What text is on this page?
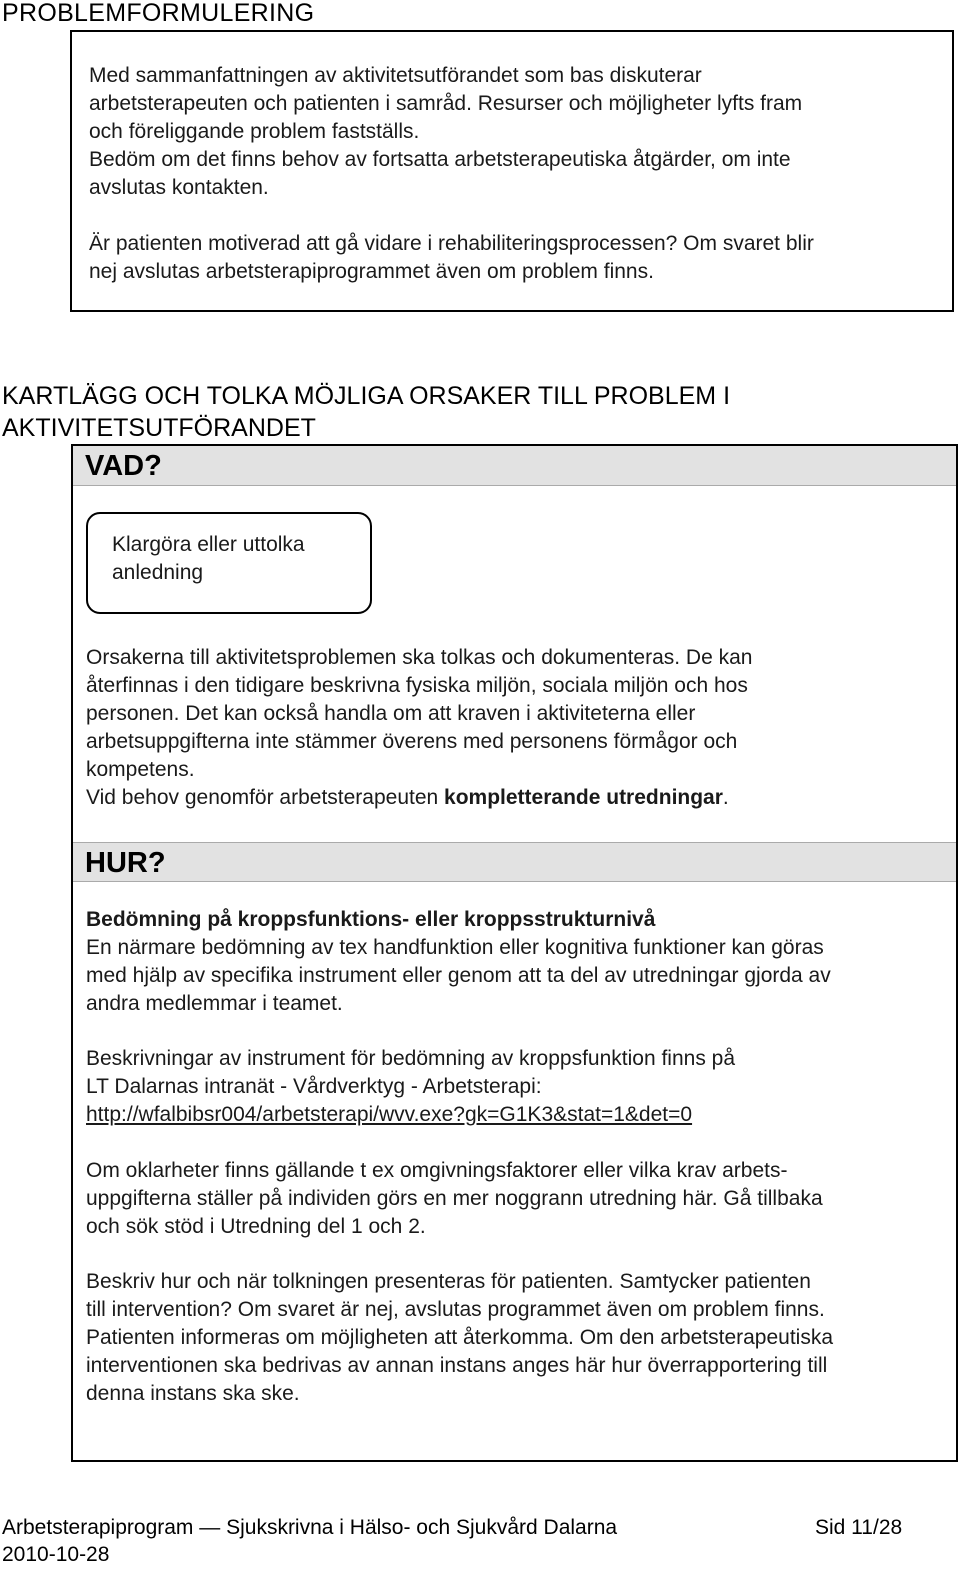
PROBLEMFORMULERING
Med sammanfattningen av aktivitetsutförandet som bas diskuterar
arbetsterapeuten och patienten i samråd. Resurser och möjligheter lyfts fram
och föreliggande problem fastställs.
Bedöm om det finns behov av fortsatta arbetsterapeutiska åtgärder, om inte
avslutas kontakten.
Är patienten motiverad att gå vidare i rehabiliteringsprocessen? Om svaret blir
nej avslutas arbetsterapiprogrammet även om problem finns.
KARTLÄGG OCH TOLKA MÖJLIGA ORSAKER TILL PROBLEM I
AKTIVITETSUTFÖRANDET
VAD?
Klargöra eller uttolka
anledning
Orsakerna till aktivitetsproblemen ska tolkas och dokumenteras. De kan
återfinnas i den tidigare beskrivna fysiska miljön, sociala miljön och hos
personen. Det kan också handla om att kraven i aktiviteterna eller
arbetsuppgifterna inte stämmer överens med personens förmågor och
kompetens.
Vid behov genomför arbetsterapeuten kompletterande utredningar.
HUR?
Bedömning på kroppsfunktions- eller kroppsstrukturnivå
En närmare bedömning av tex handfunktion eller kognitiva funktioner kan göras
med hjälp av specifika instrument eller genom att ta del av utredningar gjorda av
andra medlemmar i teamet.
Beskrivningar av instrument för bedömning av kroppsfunktion finns på
LT Dalarnas intranät - Vårdverktyg - Arbetsterapi:
http://wfalbibsr004/arbetsterapi/wvv.exe?gk=G1K3&stat=1&det=0
Om oklarheter finns gällande t ex omgivningsfaktorer eller vilka krav arbets-
uppgifterna ställer på individen görs en mer noggrann utredning här. Gå tillbaka
och sök stöd i Utredning del 1 och 2.
Beskriv hur och när tolkningen presenteras för patienten. Samtycker patienten
till intervention? Om svaret är nej, avslutas programmet även om problem finns.
Patienten informeras om möjligheten att återkomma. Om den arbetsterapeutiska
interventionen ska bedrivas av annan instans anges här hur överrapportering till
denna instans ska ske.
Arbetsterapiprogram — Sjukskrivna i Hälso- och Sjukvård Dalarna	Sid 11/28
2010-10-28
